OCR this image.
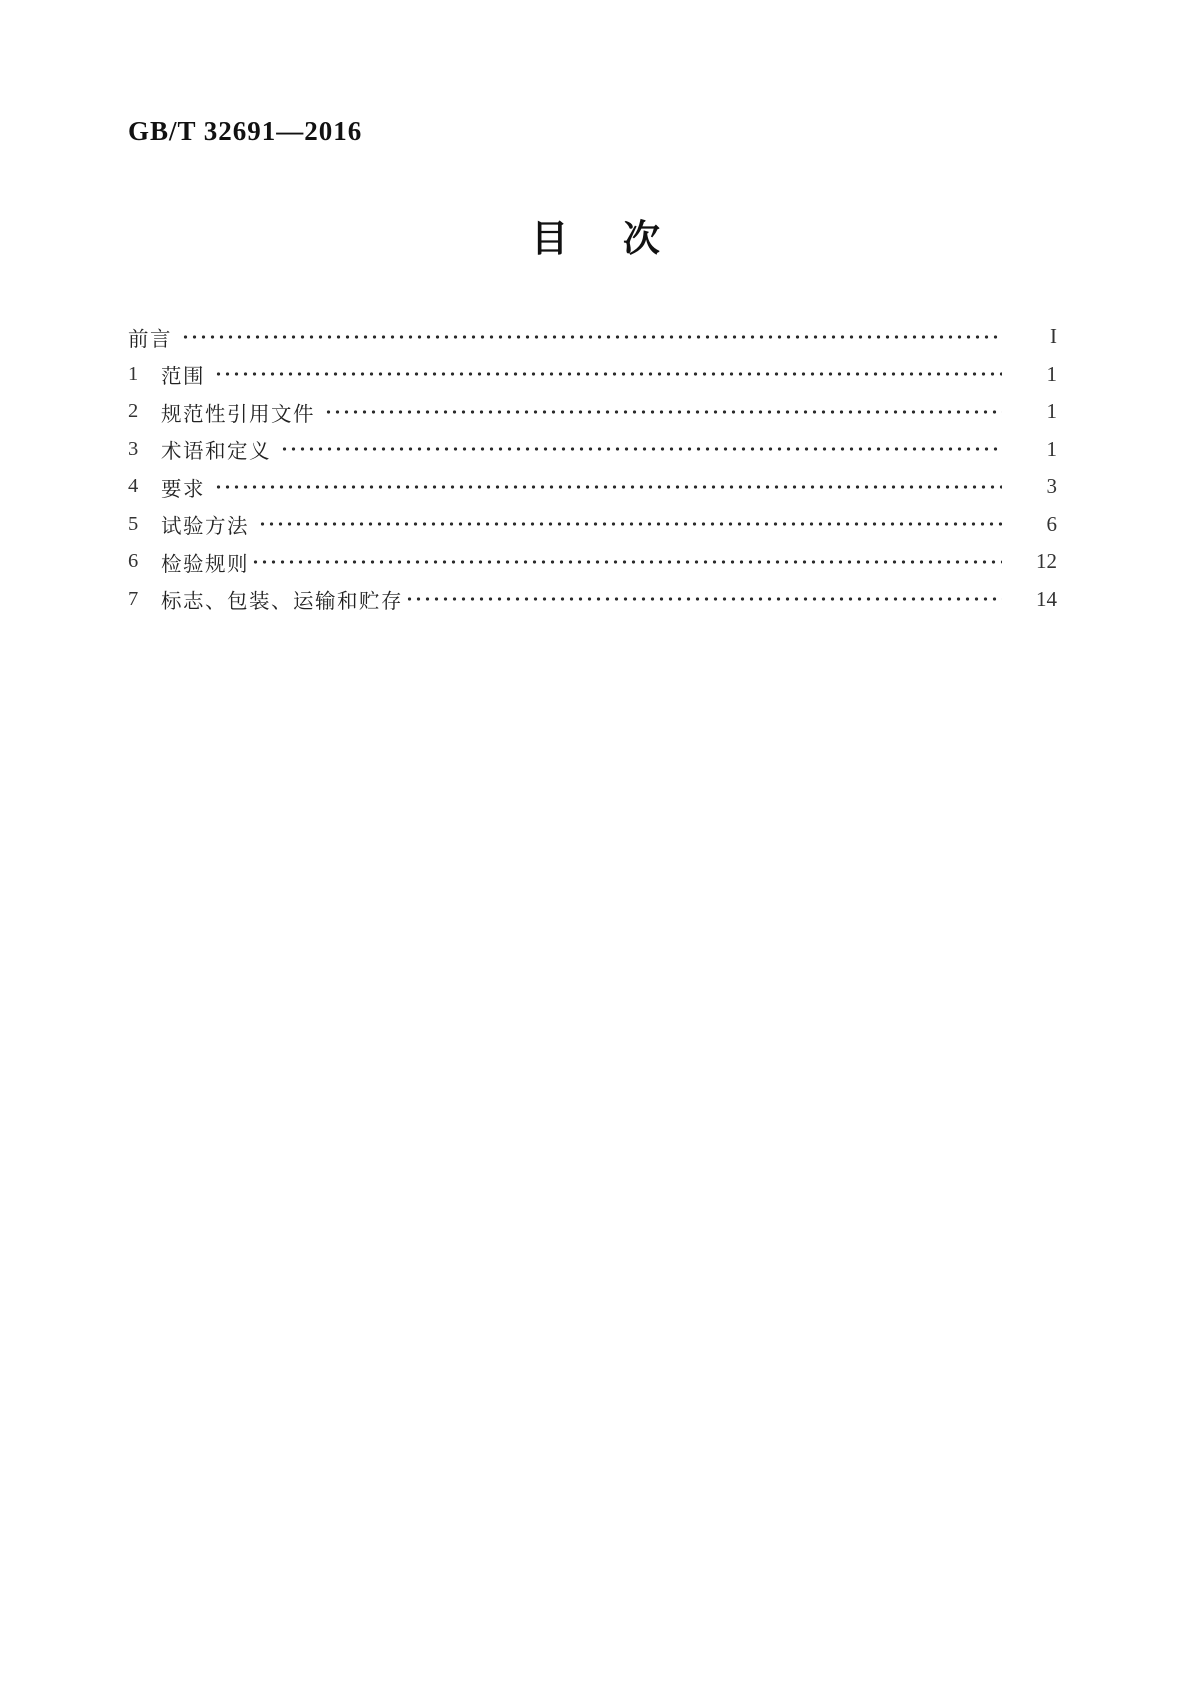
GB/T 32691—2016
目 次
前言	I
1	范围	1
2	规范性引用文件	1
3	术语和定义	1
4	要求	3
5	试验方法	6
6	检验规则	12
7	标志、包装、运输和贮存	14
